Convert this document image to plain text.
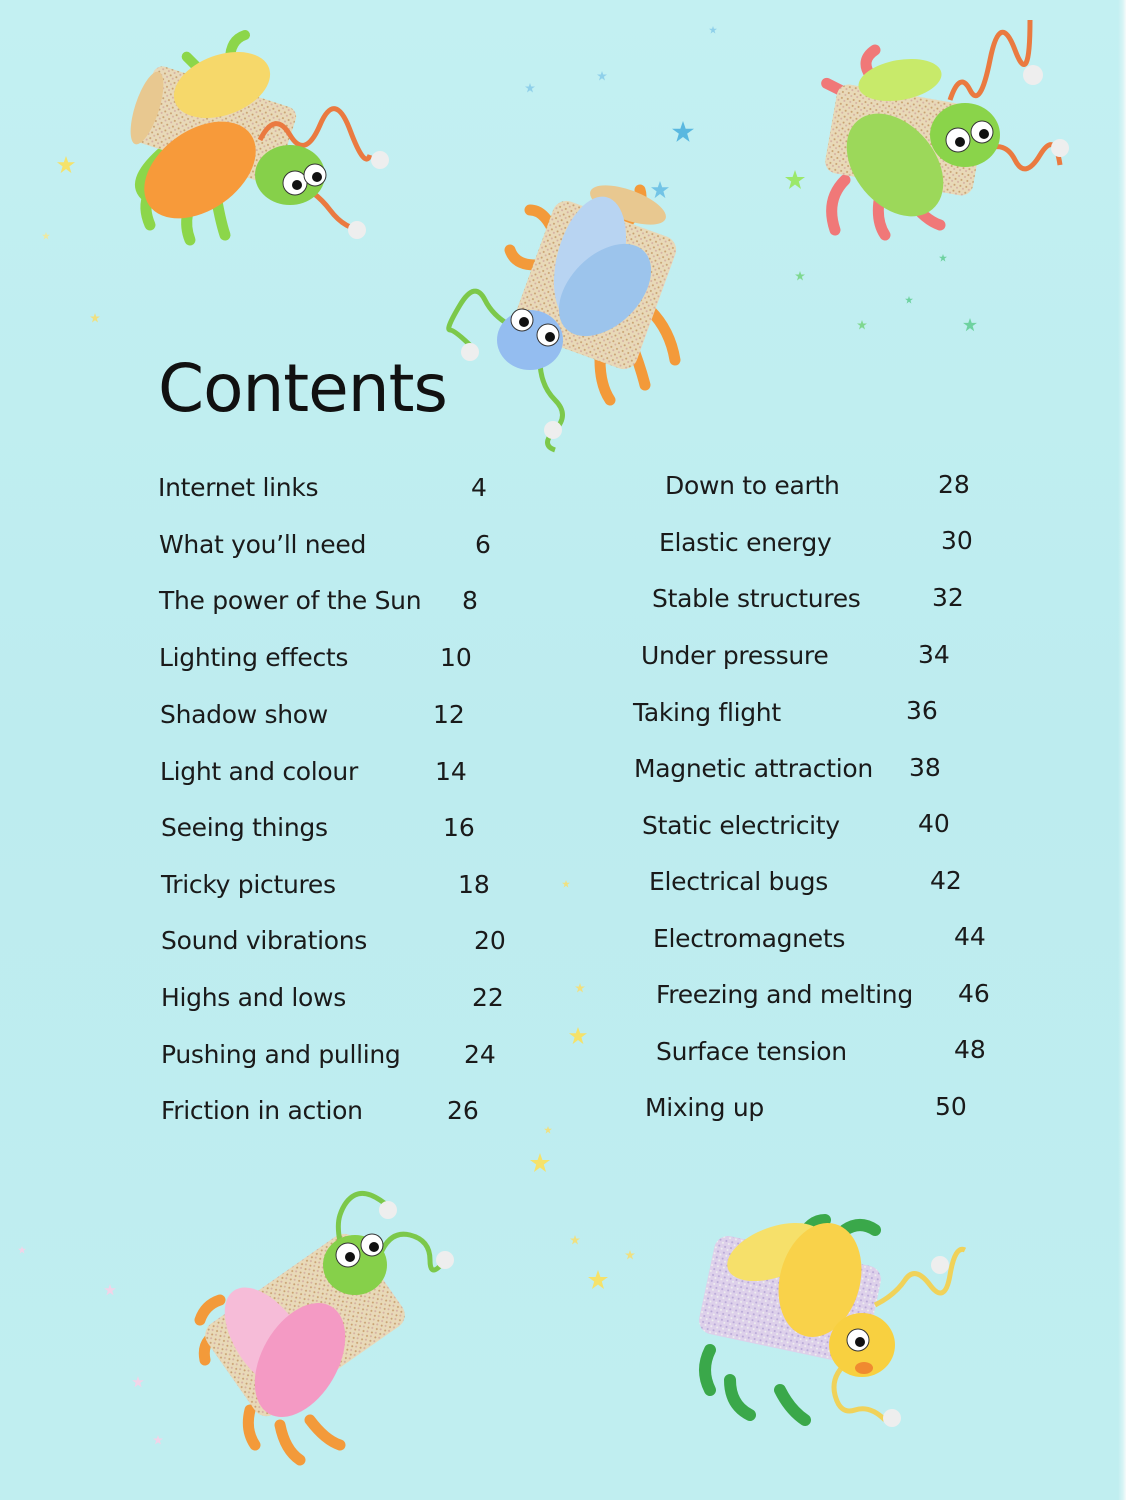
Contents
Internet links	4
What you’ll need	6
The power of the Sun 8
Lighting effects	10
Shadow show	12
Light and colour	14
Seeing things	16
Tricky pictures	18
Sound vibrations	20
Highs and lows	22
Pushing and pulling	24
Friction in action	26
Down to earth	28
Elastic energy	30
Stable structures	32
Under pressure	34
Taking flight	36
Magnetic attraction 38
Static electricity	40
Electrical bugs	42
Electromagnets	44
Freezing and melting 46
Surface tension	48
Mixing up	50
